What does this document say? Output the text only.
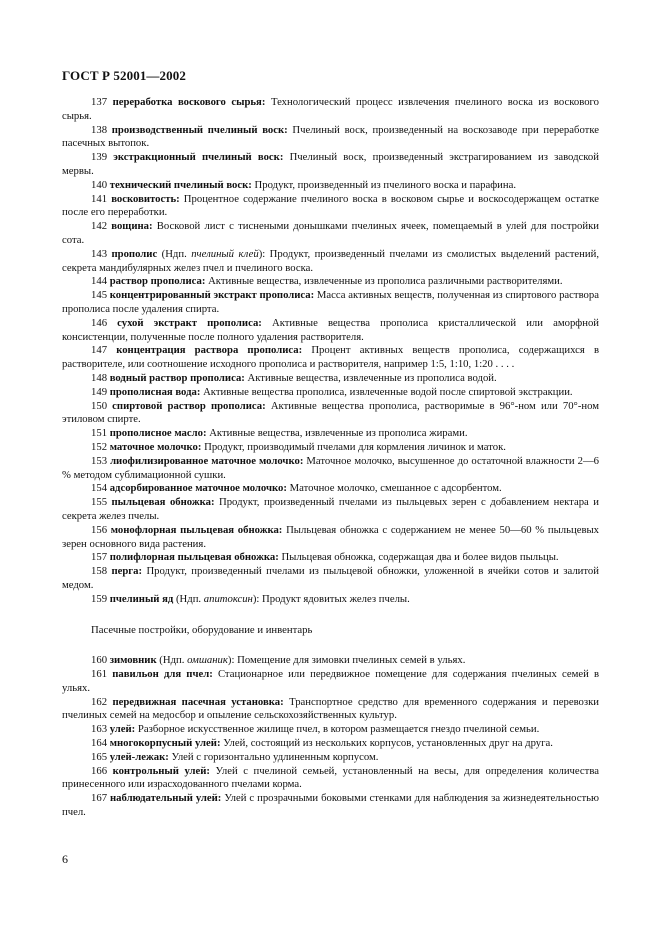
ГОСТ Р 52001—2002

137 переработка воскового сырья: Технологический процесс извлечения пчелиного воска из воскового сырья.

138 производственный пчелиный воск: Пчелиный воск, произведенный на воскозаводе при переработке пасечных вытопок.

139 экстракционный пчелиный воск: Пчелиный воск, произведенный экстрагированием из заводской мервы.

140 технический пчелиный воск: Продукт, произведенный из пчелиного воска и парафина.

141 восковитость: Процентное содержание пчелиного воска в восковом сырье и воскосодержащем остатке после его переработки.

142 вощина: Восковой лист с тиснеными донышками пчелиных ячеек, помещаемый в улей для постройки сота.

143 прополис (Ндп. пчелиный клей): Продукт, произведенный пчелами из смолистых выделений растений, секрета мандибулярных желез пчел и пчелиного воска.

144 раствор прополиса: Активные вещества, извлеченные из прополиса различными растворителями.

145 концентрированный экстракт прополиса: Масса активных веществ, полученная из спиртового раствора прополиса после удаления спирта.

146 сухой экстракт прополиса: Активные вещества прополиса кристаллической или аморфной консистенции, полученные после полного удаления растворителя.

147 концентрация раствора прополиса: Процент активных веществ прополиса, содержащихся в растворителе, или соотношение исходного прополиса и растворителя, например 1:5, 1:10, 1:20 . . . .

148 водный раствор прополиса: Активные вещества, извлеченные из прополиса водой.

149 прополисная вода: Активные вещества прополиса, извлеченные водой после спиртовой экстракции.

150 спиртовой раствор прополиса: Активные вещества прополиса, растворимые в 96°-ном или 70°-ном этиловом спирте.

151 прополисное масло: Активные вещества, извлеченные из прополиса жирами.

152 маточное молочко: Продукт, производимый пчелами для кормления личинок и маток.

153 лиофилизированное маточное молочко: Маточное молочко, высушенное до остаточной влажности 2—6 % методом сублимационной сушки.

154 адсорбированное маточное молочко: Маточное молочко, смешанное с адсорбентом.

155 пыльцевая обножка: Продукт, произведенный пчелами из пыльцевых зерен с добавлением нектара и секрета желез пчелы.

156 монофлорная пыльцевая обножка: Пыльцевая обножка с содержанием не менее 50—60 % пыльцевых зерен основного вида растения.

157 полифлорная пыльцевая обножка: Пыльцевая обножка, содержащая два и более видов пыльцы.

158 перга: Продукт, произведенный пчелами из пыльцевой обножки, уложенной в ячейки сотов и залитой медом.

159 пчелиный яд (Ндп. апитоксин): Продукт ядовитых желез пчелы.

Пасечные постройки, оборудование и инвентарь

160 зимовник (Ндп. омшаник): Помещение для зимовки пчелиных семей в ульях.

161 павильон для пчел: Стационарное или передвижное помещение для содержания пчелиных семей в ульях.

162 передвижная пасечная установка: Транспортное средство для временного содержания и перевозки пчелиных семей на медосбор и опыление сельскохозяйственных культур.

163 улей: Разборное искусственное жилище пчел, в котором размещается гнездо пчелиной семьи.

164 многокорпусный улей: Улей, состоящий из нескольких корпусов, установленных друг на друга.

165 улей-лежак: Улей с горизонтально удлиненным корпусом.

166 контрольный улей: Улей с пчелиной семьей, установленный на весы, для определения количества принесенного или израсходованного пчелами корма.

167 наблюдательный улей: Улей с прозрачными боковыми стенками для наблюдения за жизнедеятельностью пчел.

6
